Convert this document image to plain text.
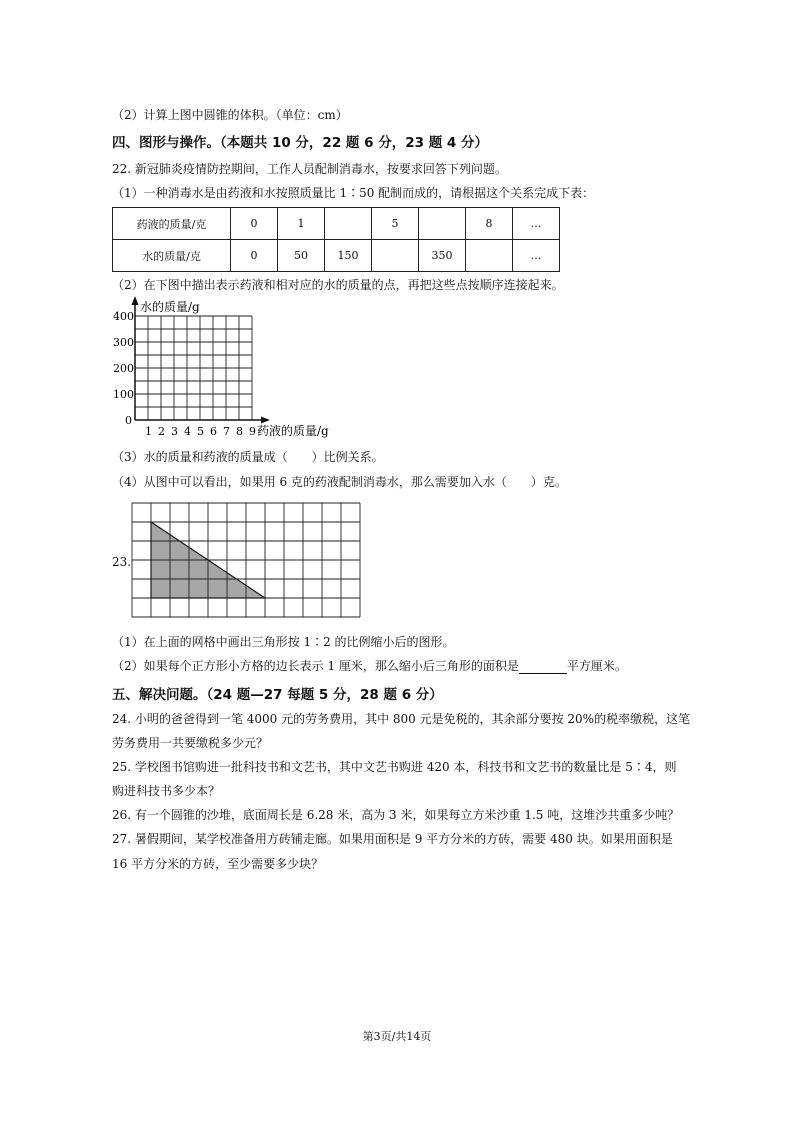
（2）计算上图中圆锥的体积。（单位：cm）
四、图形与操作。（本题共 10 分，22 题 6 分，23 题 4 分）
22. 新冠肺炎疫情防控期间，工作人员配制消毒水，按要求回答下列问题。
（1）一种消毒水是由药液和水按照质量比 1∶50 配制而成的，请根据这个关系完成下表：
药液的质量/克	0	1		5		8	…
水的质量/克	0	50	150		350		…
（2）在下图中描出表示药液和相对应的水的质量的点，再把这些点按顺序连接起来。
水的质量/g
400
300
200
100
0
1 2 3 4 5 6 7 8 9 药液的质量/g
（3）水的质量和药液的质量成（　　）比例关系。
（4）从图中可以看出，如果用 6 克的药液配制消毒水，那么需要加入水（　　）克。
23.
（1）在上面的网格中画出三角形按 1∶2 的比例缩小后的图形。
（2）如果每个正方形小方格的边长表示 1 厘米，那么缩小后三角形的面积是	平方厘米。
五、解决问题。（24 题—27 每题 5 分，28 题 6 分）
24. 小明的爸爸得到一笔 4000 元的劳务费用，其中 800 元是免税的，其余部分要按 20%的税率缴税，这笔
劳务费用一共要缴税多少元？
25. 学校图书馆购进一批科技书和文艺书，其中文艺书购进 420 本，科技书和文艺书的数量比是 5∶4，则
购进科技书多少本？
26. 有一个圆锥的沙堆，底面周长是 6.28 米，高为 3 米，如果每立方米沙重 1.5 吨，这堆沙共重多少吨？
27. 暑假期间，某学校准备用方砖铺走廊。如果用面积是 9 平方分米的方砖，需要 480 块。如果用面积是
16 平方分米的方砖，至少需要多少块？
第3页/共14页
